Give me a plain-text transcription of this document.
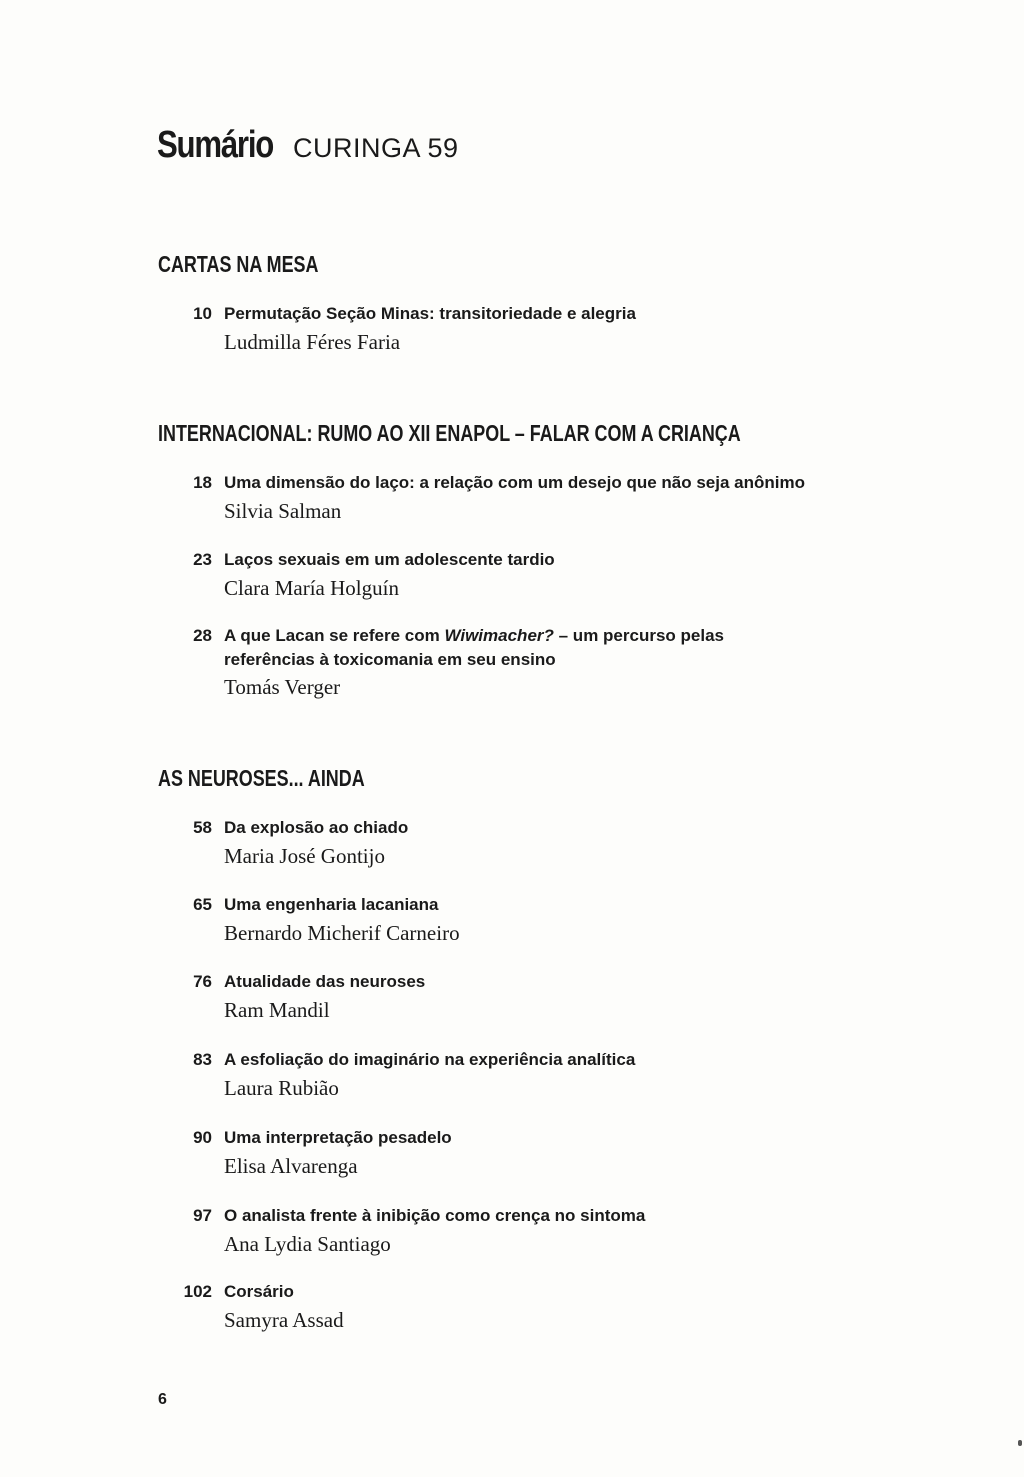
Sumário CURINGA 59
CARTAS NA MESA
10 Permutação Seção Minas: transitoriedade e alegria
Ludmilla Féres Faria
INTERNACIONAL: RUMO AO XII ENAPOL – FALAR COM A CRIANÇA
18 Uma dimensão do laço: a relação com um desejo que não seja anônimo
Silvia Salman
23 Laços sexuais em um adolescente tardio
Clara María Holguín
28 A que Lacan se refere com Wiwimacher? – um percurso pelas referências à toxicomania em seu ensino
Tomás Verger
AS NEUROSES... AINDA
58 Da explosão ao chiado
Maria José Gontijo
65 Uma engenharia lacaniana
Bernardo Micherif Carneiro
76 Atualidade das neuroses
Ram Mandil
83 A esfoliação do imaginário na experiência analítica
Laura Rubião
90 Uma interpretação pesadelo
Elisa Alvarenga
97 O analista frente à inibição como crença no sintoma
Ana Lydia Santiago
102 Corsário
Samyra Assad
6
